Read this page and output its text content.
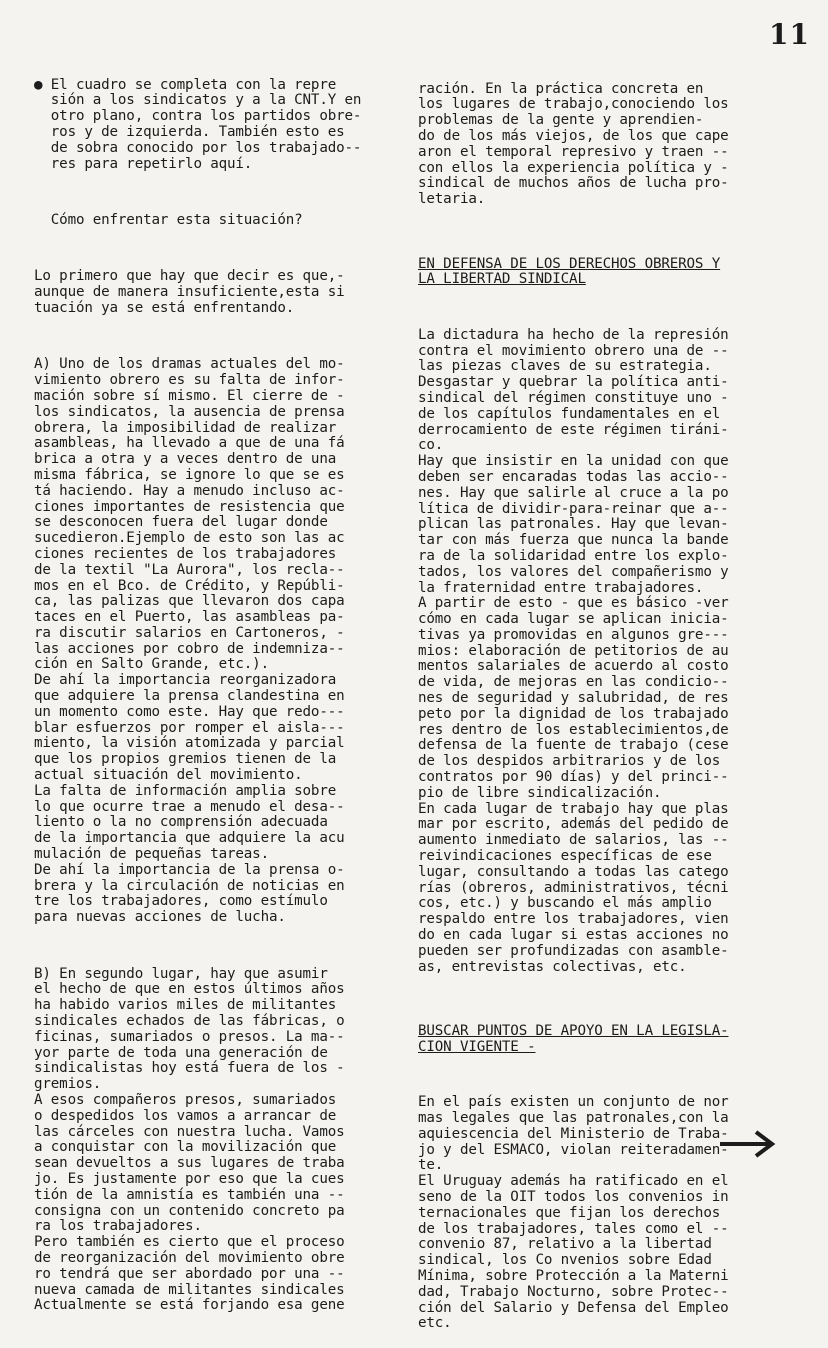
11

● El cuadro se completa con la repre
sión a los sindicatos y a la CNT.Y en
otro plano, contra los partidos obre-
ros y de izquierda. También esto es
de sobra conocido por los trabajado--
res para repetirlo aquí.

Cómo enfrentar esta situación?

Lo primero que hay que decir es que,-
aunque de manera insuficiente,esta si
tuación ya se está enfrentando.

A) Uno de los dramas actuales del mo-
vimiento obrero es su falta de infor-
mación sobre sí mismo. El cierre de -
los sindicatos, la ausencia de prensa
obrera, la imposibilidad de realizar
asambleas, ha llevado a que de una fá
brica a otra y a veces dentro de una
misma fábrica, se ignore lo que se es
tá haciendo. Hay a menudo incluso ac-
ciones importantes de resistencia que
se desconocen fuera del lugar donde
sucedieron.Ejemplo de esto son las ac
ciones recientes de los trabajadores
de la textil "La Aurora", los recla--
mos en el Bco. de Crédito, y Repúbli-
ca, las palizas que llevaron dos capa
taces en el Puerto, las asambleas pa-
ra discutir salarios en Cartoneros, -
las acciones por cobro de indemniza--
ción en Salto Grande, etc.).
De ahí la importancia reorganizadora
que adquiere la prensa clandestina en
un momento como este. Hay que redo---
blar esfuerzos por romper el aisla---
miento, la visión atomizada y parcial
que los propios gremios tienen de la
actual situación del movimiento.
La falta de información amplia sobre
lo que ocurre trae a menudo el desa--
liento o la no comprensión adecuada
de la importancia que adquiere la acu
mulación de pequeñas tareas.
De ahí la importancia de la prensa o-
brera y la circulación de noticias en
tre los trabajadores, como estímulo
para nuevas acciones de lucha.

B) En segundo lugar, hay que asumir
el hecho de que en estos últimos años
ha habido varios miles de militantes
sindicales echados de las fábricas, o
ficinas, sumariados o presos. La ma--
yor parte de toda una generación de
sindicalistas hoy está fuera de los -
gremios.
A esos compañeros presos, sumariados
o despedidos los vamos a arrancar de
las cárceles con nuestra lucha. Vamos
a conquistar con la movilización que
sean devueltos a sus lugares de traba
jo. Es justamente por eso que la cues
tión de la amnistía es también una --
consigna con un contenido concreto pa
ra los trabajadores.
Pero también es cierto que el proceso
de reorganización del movimiento obre
ro tendrá que ser abordado por una --
nueva camada de militantes sindicales
Actualmente se está forjando esa gene

ración. En la práctica concreta en
los lugares de trabajo,conociendo los
problemas de la gente y aprendien-
do de los más viejos, de los que cape
aron el temporal represivo y traen --
con ellos la experiencia política y -
sindical de muchos años de lucha pro-
letaria.

EN DEFENSA DE LOS DERECHOS OBREROS Y
LA LIBERTAD SINDICAL

La dictadura ha hecho de la represión
contra el movimiento obrero una de --
las piezas claves de su estrategia.
Desgastar y quebrar la política anti-
sindical del régimen constituye uno -
de los capítulos fundamentales en el
derrocamiento de este régimen tiráni-
co.
Hay que insistir en la unidad con que
deben ser encaradas todas las accio--
nes. Hay que salirle al cruce a la po
lítica de dividir-para-reinar que a--
plican las patronales. Hay que levan-
tar con más fuerza que nunca la bande
ra de la solidaridad entre los explo-
tados, los valores del compañerismo y
la fraternidad entre trabajadores.
A partir de esto - que es básico -ver
cómo en cada lugar se aplican inicia-
tivas ya promovidas en algunos gre---
mios: elaboración de petitorios de au
mentos salariales de acuerdo al costo
de vida, de mejoras en las condicio--
nes de seguridad y salubridad, de res
peto por la dignidad de los trabajado
res dentro de los establecimientos,de
defensa de la fuente de trabajo (cese
de los despidos arbitrarios y de los
contratos por 90 días) y del princi--
pio de libre sindicalización.
En cada lugar de trabajo hay que plas
mar por escrito, además del pedido de
aumento inmediato de salarios, las --
reivindicaciones específicas de ese
lugar, consultando a todas las catego
rías (obreros, administrativos, técni
cos, etc.) y buscando el más amplio
respaldo entre los trabajadores, vien
do en cada lugar si estas acciones no
pueden ser profundizadas con asamble-
as, entrevistas colectivas, etc.

BUSCAR PUNTOS DE APOYO EN LA LEGISLA-
CION VIGENTE -

En el país existen un conjunto de nor
mas legales que las patronales,con la
aquiescencia del Ministerio de Traba-
jo y del ESMACO, violan reiteradamen-
te.
El Uruguay además ha ratificado en el
seno de la OIT todos los convenios in
ternacionales que fijan los derechos
de los trabajadores, tales como el --
convenio 87, relativo a la libertad
sindical, los Co nvenios sobre Edad
Mínima, sobre Protección a la Materni
dad, Trabajo Nocturno, sobre Protec--
ción del Salario y Defensa del Empleo
etc.
